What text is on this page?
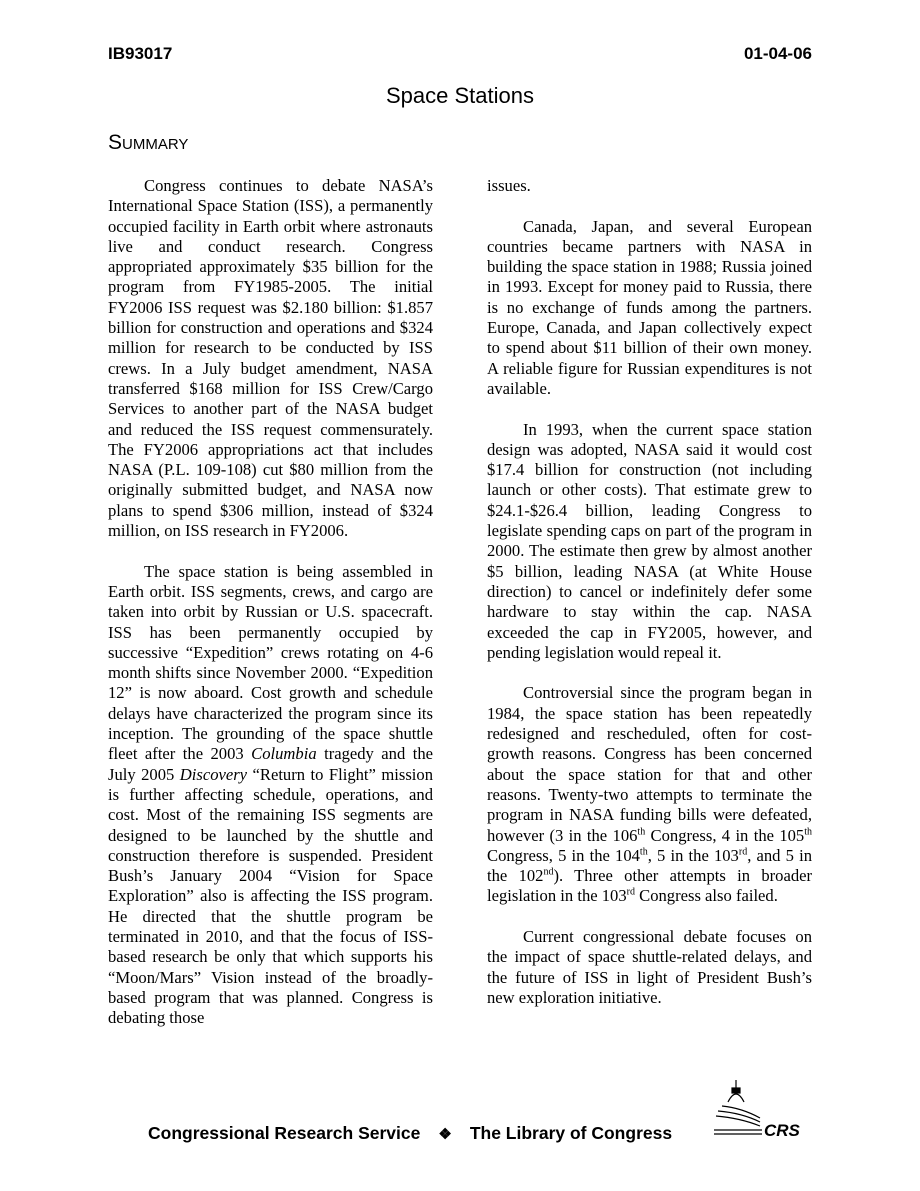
IB93017	01-04-06
Space Stations
Summary

Congress continues to debate NASA’s International Space Station (ISS), a permanently occupied facility in Earth orbit where astronauts live and conduct research. Congress appropriated approximately $35 billion for the program from FY1985-2005. The initial FY2006 ISS request was $2.180 billion: $1.857 billion for construction and operations and $324 million for research to be conducted by ISS crews. In a July budget amendment, NASA transferred $168 million for ISS Crew/Cargo Services to another part of the NASA budget and reduced the ISS request commensurately. The FY2006 appropriations act that includes NASA (P.L. 109-108) cut $80 million from the originally submitted budget, and NASA now plans to spend $306 million, instead of $324 million, on ISS research in FY2006.

The space station is being assembled in Earth orbit. ISS segments, crews, and cargo are taken into orbit by Russian or U.S. spacecraft. ISS has been permanently occupied by successive “Expedition” crews rotating on 4-6 month shifts since November 2000. “Expedition 12” is now aboard. Cost growth and schedule delays have characterized the program since its inception. The grounding of the space shuttle fleet after the 2003 Columbia tragedy and the July 2005 Discovery “Return to Flight” mission is further affecting schedule, operations, and cost. Most of the remaining ISS segments are designed to be launched by the shuttle and construction therefore is suspended. President Bush’s January 2004 “Vision for Space Exploration” also is affecting the ISS program. He directed that the shuttle program be terminated in 2010, and that the focus of ISS-based research be only that which supports his “Moon/Mars” Vision instead of the broadly-based program that was planned. Congress is debating those

issues.

Canada, Japan, and several European countries became partners with NASA in building the space station in 1988; Russia joined in 1993. Except for money paid to Russia, there is no exchange of funds among the partners. Europe, Canada, and Japan collectively expect to spend about $11 billion of their own money. A reliable figure for Russian expenditures is not available.

In 1993, when the current space station design was adopted, NASA said it would cost $17.4 billion for construction (not including launch or other costs). That estimate grew to $24.1-$26.4 billion, leading Congress to legislate spending caps on part of the program in 2000. The estimate then grew by almost another $5 billion, leading NASA (at White House direction) to cancel or indefinitely defer some hardware to stay within the cap. NASA exceeded the cap in FY2005, however, and pending legislation would repeal it.

Controversial since the program began in 1984, the space station has been repeatedly redesigned and rescheduled, often for cost-growth reasons. Congress has been concerned about the space station for that and other reasons. Twenty-two attempts to terminate the program in NASA funding bills were defeated, however (3 in the 106th Congress, 4 in the 105th Congress, 5 in the 104th, 5 in the 103rd, and 5 in the 102nd). Three other attempts in broader legislation in the 103rd Congress also failed.

Current congressional debate focuses on the impact of space shuttle-related delays, and the future of ISS in light of President Bush’s new exploration initiative.

Congressional Research Service ❖ The Library of Congress	CRS
